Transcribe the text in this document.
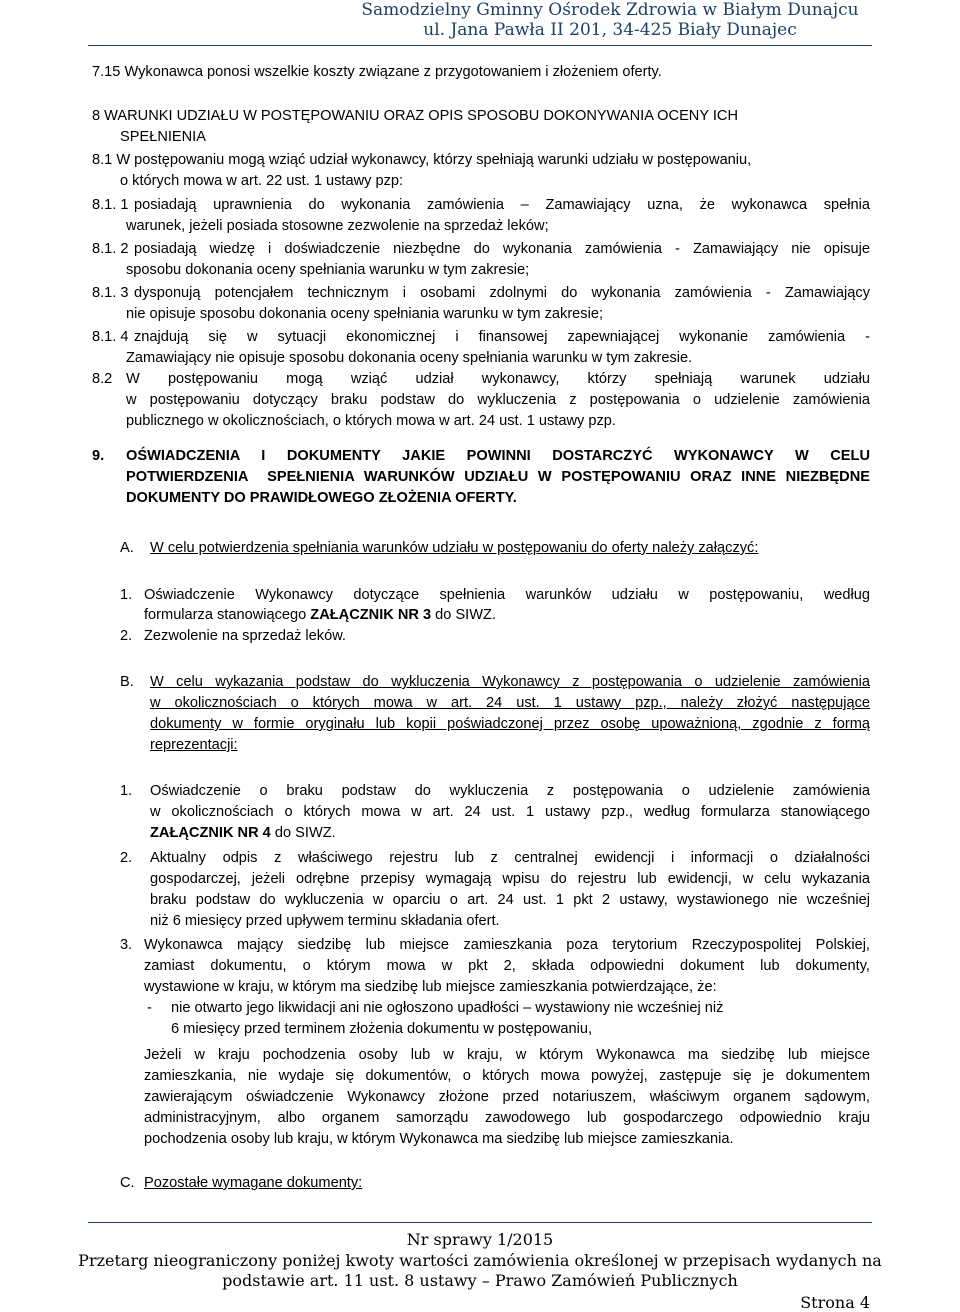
Samodzielny Gminny Ośrodek Zdrowia w Białym Dunajcu
ul. Jana Pawła II 201, 34-425 Biały Dunajec
7.15 Wykonawca ponosi wszelkie koszty związane z przygotowaniem i złożeniem oferty.
8 WARUNKI UDZIAŁU W POSTĘPOWANIU ORAZ OPIS SPOSOBU DOKONYWANIA OCENY ICH
SPEŁNIENIA
8.1 W postępowaniu mogą wziąć udział wykonawcy, którzy spełniają warunki udziału w postępowaniu,
o których mowa w art. 22 ust. 1 ustawy pzp:
8.1. 1 posiadają uprawnienia do wykonania zamówienia – Zamawiający uzna, że wykonawca spełnia
warunek, jeżeli posiada stosowne zezwolenie na sprzedaż leków;
8.1. 2 posiadają wiedzę i doświadczenie niezbędne do wykonania zamówienia - Zamawiający nie opisuje
sposobu dokonania oceny spełniania warunku w tym zakresie;
8.1. 3 dysponują potencjałem technicznym i osobami zdolnymi do wykonania zamówienia - Zamawiający
nie opisuje sposobu dokonania oceny spełniania warunku w tym zakresie;
8.1. 4 znajdują się w sytuacji ekonomicznej i finansowej zapewniającej wykonanie zamówienia -
Zamawiający nie opisuje sposobu dokonania oceny spełniania warunku w tym zakresie.
8.2 W postępowaniu mogą wziąć udział wykonawcy, którzy spełniają warunek udziału
w postępowaniu dotyczący braku podstaw do wykluczenia z postępowania o udzielenie zamówienia
publicznego w okolicznościach, o których mowa w art. 24 ust. 1 ustawy pzp.
9. OŚWIADCZENIA I DOKUMENTY JAKIE POWINNI DOSTARCZYĆ WYKONAWCY W CELU
POTWIERDZENIA  SPEŁNIENIA WARUNKÓW UDZIAŁU W POSTĘPOWANIU ORAZ INNE NIEZBĘDNE
DOKUMENTY DO PRAWIDŁOWEGO ZŁOŻENIA OFERTY.
A. W celu potwierdzenia spełniania warunków udziału w postępowaniu do oferty należy załączyć:
1. Oświadczenie Wykonawcy dotyczące spełnienia warunków udziału w postępowaniu, według
formularza stanowiącego ZAŁĄCZNIK NR 3 do SIWZ.
2. Zezwolenie na sprzedaż leków.
B. W celu wykazania podstaw do wykluczenia Wykonawcy z postępowania o udzielenie zamówienia
w okolicznościach o których mowa w art. 24 ust. 1 ustawy pzp., należy złożyć następujące
dokumenty w formie oryginału lub kopii poświadczonej przez osobę upoważnioną, zgodnie z formą
reprezentacji:
1. Oświadczenie o braku podstaw do wykluczenia z postępowania o udzielenie zamówienia
w okolicznościach o których mowa w art. 24 ust. 1 ustawy pzp., według formularza stanowiącego
ZAŁĄCZNIK NR 4 do SIWZ.
2. Aktualny odpis z właściwego rejestru lub z centralnej ewidencji i informacji o działalności
gospodarczej, jeżeli odrębne przepisy wymagają wpisu do rejestru lub ewidencji, w celu wykazania
braku podstaw do wykluczenia w oparciu o art. 24 ust. 1 pkt 2 ustawy, wystawionego nie wcześniej
niż 6 miesięcy przed upływem terminu składania ofert.
3. Wykonawca mający siedzibę lub miejsce zamieszkania poza terytorium Rzeczypospolitej Polskiej,
zamiast dokumentu, o którym mowa w pkt 2, składa odpowiedni dokument lub dokumenty,
wystawione w kraju, w którym ma siedzibę lub miejsce zamieszkania potwierdzające, że:
- nie otwarto jego likwidacji ani nie ogłoszono upadłości – wystawiony nie wcześniej niż
6 miesięcy przed terminem złożenia dokumentu w postępowaniu,
Jeżeli w kraju pochodzenia osoby lub w kraju, w którym Wykonawca ma siedzibę lub miejsce
zamieszkania, nie wydaje się dokumentów, o których mowa powyżej, zastępuje się je dokumentem
zawierającym oświadczenie Wykonawcy złożone przed notariuszem, właściwym organem sądowym,
administracyjnym, albo organem samorządu zawodowego lub gospodarczego odpowiednio kraju
pochodzenia osoby lub kraju, w którym Wykonawca ma siedzibę lub miejsce zamieszkania.
C. Pozostałe wymagane dokumenty:
Nr sprawy 1/2015
Przetarg nieograniczony poniżej kwoty wartości zamówienia określonej w przepisach wydanych na
podstawie art. 11 ust. 8 ustawy – Prawo Zamówień Publicznych
Strona 4
